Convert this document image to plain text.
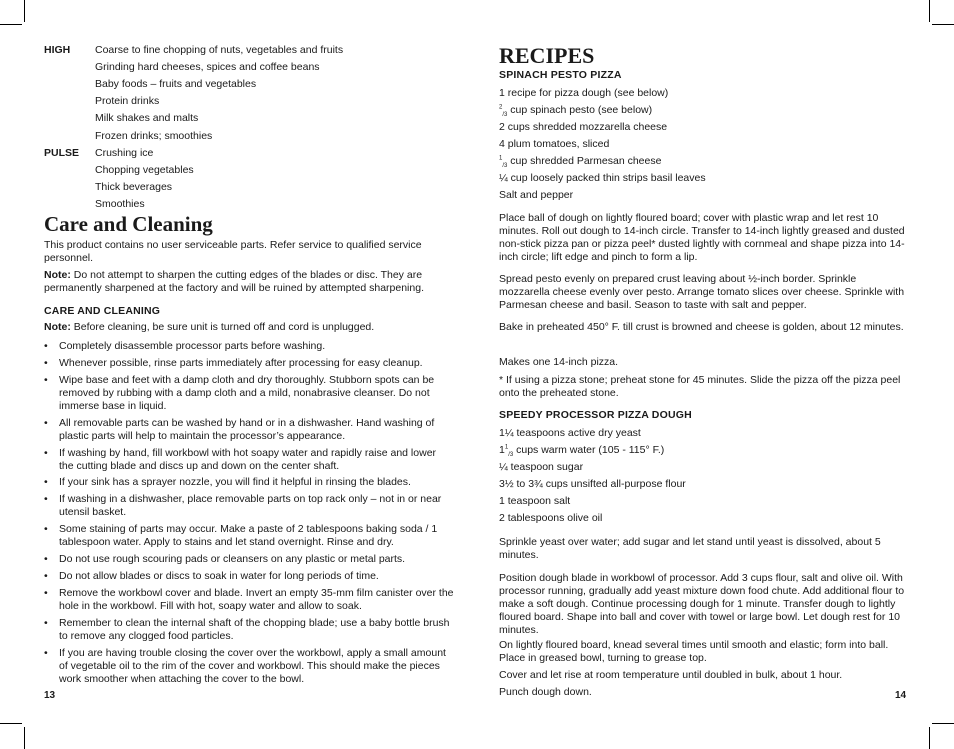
HIGH Coarse to fine chopping of nuts, vegetables and fruits
Grinding hard cheeses, spices and coffee beans
Baby foods – fruits and vegetables
Protein drinks
Milk shakes and malts
Frozen drinks; smoothies
PULSE Crushing ice
Chopping vegetables
Thick beverages
Smoothies
Care and Cleaning

This product contains no user serviceable parts. Refer service to qualified service personnel.

Note: Do not attempt to sharpen the cutting edges of the blades or disc. They are permanently sharpened at the factory and will be ruined by attempted sharpening.

CARE AND CLEANING

Note: Before cleaning, be sure unit is turned off and cord is unplugged.

• Completely disassemble processor parts before washing.
• Whenever possible, rinse parts immediately after processing for easy cleanup.
• Wipe base and feet with a damp cloth and dry thoroughly. Stubborn spots can be removed by rubbing with a damp cloth and a mild, nonabrasive cleanser. Do not immerse base in liquid.
• All removable parts can be washed by hand or in a dishwasher. Hand washing of plastic parts will help to maintain the processor’s appearance.
• If washing by hand, fill workbowl with hot soapy water and rapidly raise and lower the cutting blade and discs up and down on the center shaft.
• If your sink has a sprayer nozzle, you will find it helpful in rinsing the blades.
• If washing in a dishwasher, place removable parts on top rack only – not in or near utensil basket.
• Some staining of parts may occur. Make a paste of 2 tablespoons baking soda / 1 tablespoon water. Apply to stains and let stand overnight. Rinse and dry.
• Do not use rough scouring pads or cleansers on any plastic or metal parts.
• Do not allow blades or discs to soak in water for long periods of time.
• Remove the workbowl cover and blade. Invert an empty 35-mm film canister over the hole in the workbowl. Fill with hot, soapy water and allow to soak.
• Remember to clean the internal shaft of the chopping blade; use a baby bottle brush to remove any clogged food particles.
• If you are having trouble closing the cover over the workbowl, apply a small amount of vegetable oil to the rim of the cover and workbowl. This should make the pieces work smoother when attaching the cover to the bowl.
13
RECIPES
SPINACH PESTO PIZZA
1 recipe for pizza dough (see below)
$^2_{/3}$ cup spinach pesto (see below)
2 cups shredded mozzarella cheese
4 plum tomatoes, sliced
$^1_{/3}$ cup shredded Parmesan cheese
¼ cup loosely packed thin strips basil leaves
Salt and pepper

Place ball of dough on lightly floured board; cover with plastic wrap and let rest 10 minutes. Roll out dough to 14-inch circle. Transfer to 14-inch lightly greased and dusted non-stick pizza pan or pizza peel* dusted lightly with cornmeal and shape pizza into 14-inch circle; lift edge and pinch to form a lip.

Spread pesto evenly on prepared crust leaving about ½-inch border. Sprinkle mozzarella cheese evenly over pesto. Arrange tomato slices over cheese. Sprinkle with Parmesan cheese and basil. Season to taste with salt and pepper.

Bake in preheated 450° F. till crust is browned and cheese is golden, about 12 minutes.

Makes one 14-inch pizza.

* If using a pizza stone; preheat stone for 45 minutes. Slide the pizza off the pizza peel onto the preheated stone.

SPEEDY PROCESSOR PIZZA DOUGH
1¼ teaspoons active dry yeast
$1^1_{/3}$ cups warm water (105 - 115° F.)
¼ teaspoon sugar
3½ to 3¾ cups unsifted all-purpose flour
1 teaspoon salt
2 tablespoons olive oil

Sprinkle yeast over water; add sugar and let stand until yeast is dissolved, about 5 minutes.

Position dough blade in workbowl of processor. Add 3 cups flour, salt and olive oil. With processor running, gradually add yeast mixture down food chute. Add additional flour to make a soft dough. Continue processing dough for 1 minute. Transfer dough to lightly floured board. Shape into ball and cover with towel or large bowl. Let dough rest for 10 minutes.

On lightly floured board, knead several times until smooth and elastic; form into ball. Place in greased bowl, turning to grease top.

Cover and let rise at room temperature until doubled in bulk, about 1 hour.

Punch dough down.	14
